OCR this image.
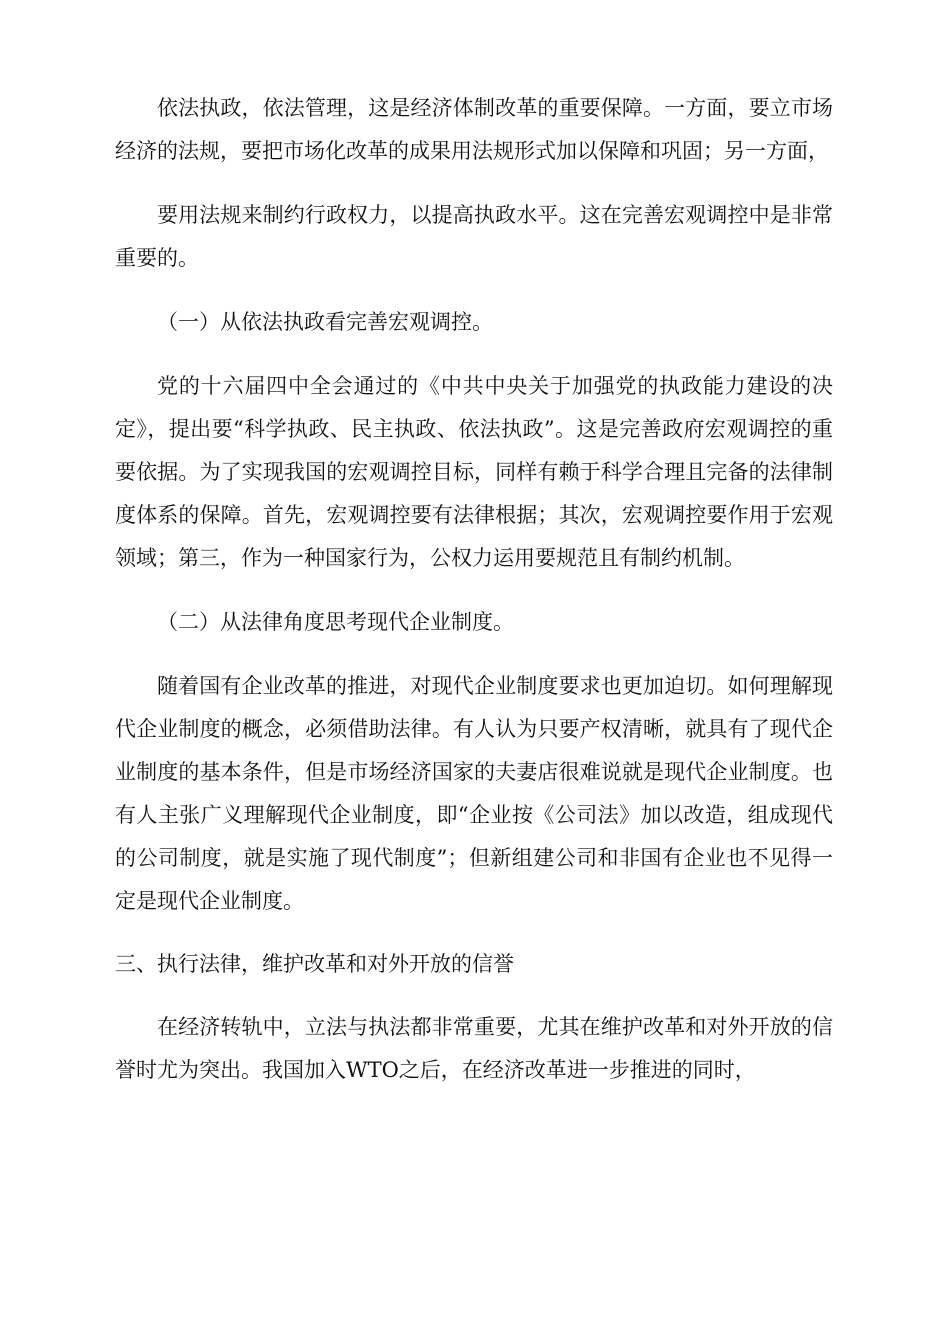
依法执政，依法管理，这是经济体制改革的重要保障。一方面，要立市场经济的法规，要把市场化改革的成果用法规形式加以保障和巩固；另一方面，

要用法规来制约行政权力，以提高执政水平。这在完善宏观调控中是非常重要的。

（一）从依法执政看完善宏观调控。

党的十六届四中全会通过的《中共中央关于加强党的执政能力建设的决定》，提出要“科学执政、民主执政、依法执政”。这是完善政府宏观调控的重要依据。为了实现我国的宏观调控目标，同样有赖于科学合理且完备的法律制度体系的保障。首先，宏观调控要有法律根据；其次，宏观调控要作用于宏观领域；第三，作为一种国家行为，公权力运用要规范且有制约机制。

（二）从法律角度思考现代企业制度。

随着国有企业改革的推进，对现代企业制度要求也更加迫切。如何理解现代企业制度的概念，必须借助法律。有人认为只要产权清晰，就具有了现代企业制度的基本条件，但是市场经济国家的夫妻店很难说就是现代企业制度。也有人主张广义理解现代企业制度，即“企业按《公司法》加以改造，组成现代的公司制度，就是实施了现代制度”；但新组建公司和非国有企业也不见得一定是现代企业制度。

三、执行法律，维护改革和对外开放的信誉

在经济转轨中，立法与执法都非常重要，尤其在维护改革和对外开放的信誉时尤为突出。我国加入WTO之后，在经济改革进一步推进的同时，
